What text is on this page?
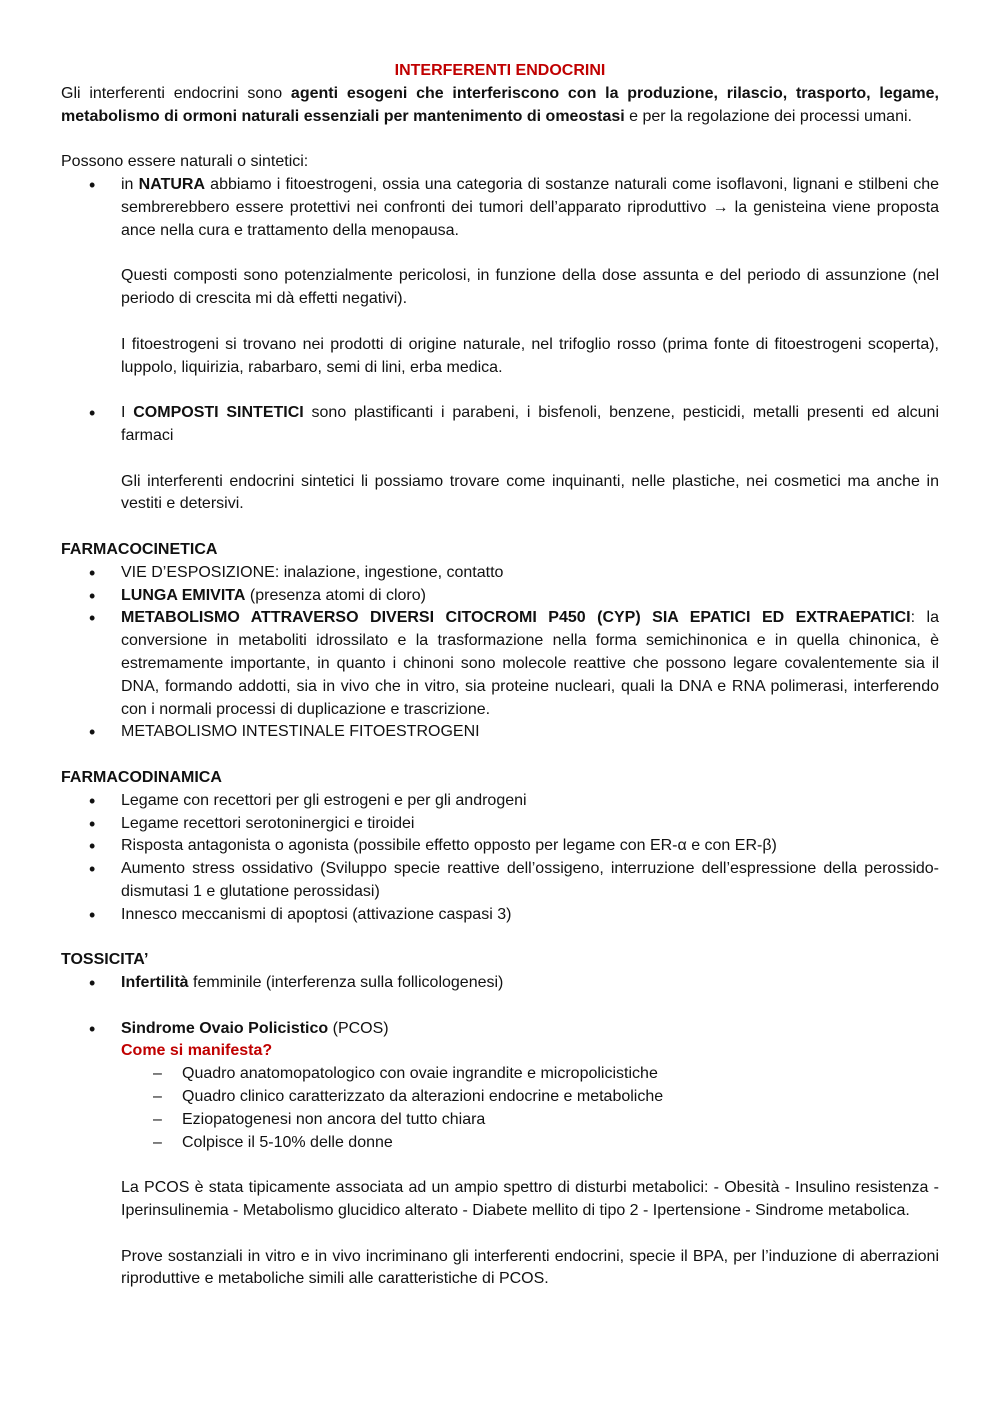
INTERFERENTI ENDOCRINI

Gli interferenti endocrini sono agenti esogeni che interferiscono con la produzione, rilascio, trasporto, legame, metabolismo di ormoni naturali essenziali per mantenimento di omeostasi e per la regolazione dei processi umani.

Possono essere naturali o sintetici:

• in NATURA abbiamo i fitoestrogeni, ossia una categoria di sostanze naturali come isoflavoni, lignani e stilbeni che sembrerebbero essere protettivi nei confronti dei tumori dell’apparato riproduttivo → la genisteina viene proposta ance nella cura e trattamento della menopausa.
Questi composti sono potenzialmente pericolosi, in funzione della dose assunta e del periodo di assunzione (nel periodo di crescita mi dà effetti negativi).
I fitoestrogeni si trovano nei prodotti di origine naturale, nel trifoglio rosso (prima fonte di fitoestrogeni scoperta), luppolo, liquirizia, rabarbaro, semi di lini, erba medica.
• I COMPOSTI SINTETICI sono plastificanti i parabeni, i bisfenoli, benzene, pesticidi, metalli presenti ed alcuni farmaci
Gli interferenti endocrini sintetici li possiamo trovare come inquinanti, nelle plastiche, nei cosmetici ma anche in vestiti e detersivi.

FARMACOCINETICA

• VIE D’ESPOSIZIONE: inalazione, ingestione, contatto
• LUNGA EMIVITA (presenza atomi di cloro)
• METABOLISMO ATTRAVERSO DIVERSI CITOCROMI P450 (CYP) SIA EPATICI ED EXTRAEPATICI: la conversione in metaboliti idrossilato e la trasformazione nella forma semichinonica e in quella chinonica, è estremamente importante, in quanto i chinoni sono molecole reattive che possono legare covalentemente sia il DNA, formando addotti, sia in vivo che in vitro, sia proteine nucleari, quali la DNA e RNA polimerasi, interferendo con i normali processi di duplicazione e trascrizione.
• METABOLISMO INTESTINALE FITOESTROGENI

FARMACODINAMICA

• Legame con recettori per gli estrogeni e per gli androgeni
• Legame recettori serotoninergici e tiroidei
• Risposta antagonista o agonista (possibile effetto opposto per legame con ER-α e con ER-β)
• Aumento stress ossidativo (Sviluppo specie reattive dell’ossigeno, interruzione dell’espressione della perossido-dismutasi 1 e glutatione perossidasi)
• Innesco meccanismi di apoptosi (attivazione caspasi 3)

TOSSICITA’

• Infertilità femminile (interferenza sulla follicologenesi)
• Sindrome Ovaio Policistico (PCOS)
Come si manifesta?
– Quadro anatomopatologico con ovaie ingrandite e micropolicistiche
– Quadro clinico caratterizzato da alterazioni endocrine e metaboliche
– Eziopatogenesi non ancora del tutto chiara
– Colpisce il 5-10% delle donne

La PCOS è stata tipicamente associata ad un ampio spettro di disturbi metabolici: - Obesità - Insulino resistenza - Iperinsulinemia - Metabolismo glucidico alterato - Diabete mellito di tipo 2 - Ipertensione - Sindrome metabolica.

Prove sostanziali in vitro e in vivo incriminano gli interferenti endocrini, specie il BPA, per l’induzione di aberrazioni riproduttive e metaboliche simili alle caratteristiche di PCOS.
